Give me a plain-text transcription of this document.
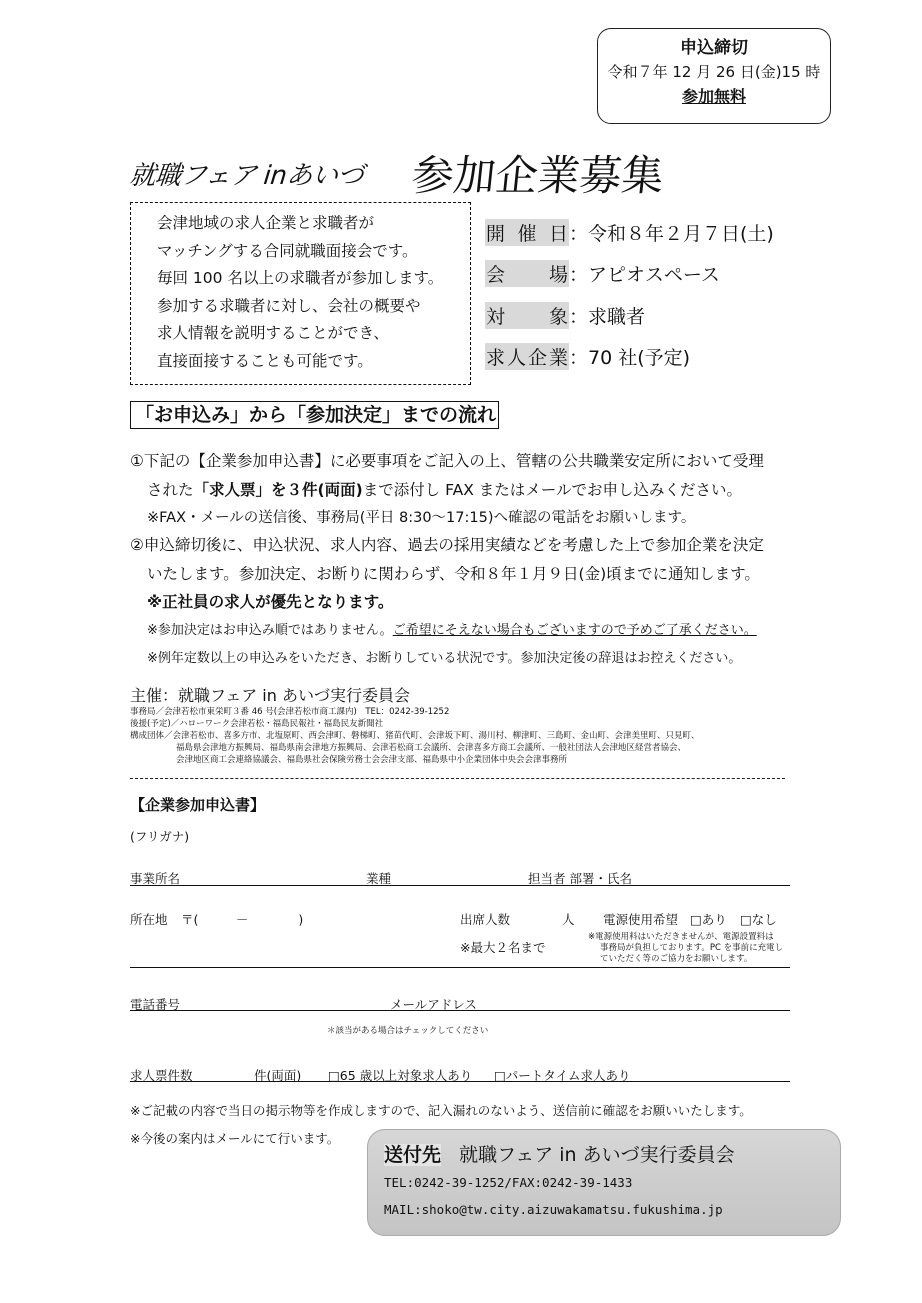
申込締切
令和７年 12 月 26 日(金)15 時
参加無料
就職フェア inあいづ 参加企業募集
会津地域の求人企業と求職者が
マッチングする合同就職面接会です。
毎回 100 名以上の求職者が参加します。
参加する求職者に対し、会社の概要や
求人情報を説明することができ、
直接面接することも可能です。
開催日：令和８年２月７日(土)
会場：アピオスペース
対象：求職者
求人企業：70 社(予定)
「お申込み」から「参加決定」までの流れ
①下記の【企業参加申込書】に必要事項をご記入の上、管轄の公共職業安定所において受理
された「求人票」を３件(両面)まで添付し FAX またはメールでお申し込みください。
※FAX・メールの送信後、事務局(平日 8:30～17:15)へ確認の電話をお願いします。
②申込締切後に、申込状況、求人内容、過去の採用実績などを考慮した上で参加企業を決定
いたします。参加決定、お断りに関わらず、令和８年１月９日(金)頃までに通知します。
※正社員の求人が優先となります。
※参加決定はお申込み順ではありません。ご希望にそえない場合もございますので予めご了承ください。
※例年定数以上の申込みをいただき、お断りしている状況です。参加決定後の辞退はお控えください。
主催：就職フェア in あいづ実行委員会
事務局／会津若松市東栄町３番 46 号(会津若松市商工課内)　TEL：0242-39-1252
後援(予定)／ハローワーク会津若松・福島民報社・福島民友新聞社
構成団体／会津若松市、喜多方市、北塩原町、西会津町、磐梯町、猪苗代町、会津坂下町、湯川村、柳津町、三島町、金山町、会津美里町、只見町、
福島県会津地方振興局、福島県南会津地方振興局、会津若松商工会議所、会津喜多方商工会議所、一般社団法人会津地区経営者協会、
会津地区商工会連絡協議会、福島県社会保険労務士会会津支部、福島県中小企業団体中央会会津事務所
【企業参加申込書】
(フリガナ)
事業所名	業種	担当者 部署・氏名
所在地 〒(　　　－　　　　)	出席人数	人 電源使用希望 □あり □なし
※最大２名まで
※電源使用料はいただきませんが、電源設置料は
事務局が負担しております。PC を事前に充電し
ていただく等のご協力をお願いします。
電話番号	メールアドレス
＊該当がある場合はチェックしてください
求人票件数	件(両面) □65 歳以上対象求人あり □パートタイム求人あり
※ご記載の内容で当日の掲示物等を作成しますので、記入漏れのないよう、送信前に確認をお願いいたします。
※今後の案内はメールにて行います。
送付先 就職フェア in あいづ実行委員会
TEL:0242-39-1252/FAX:0242-39-1433
MAIL:shoko@tw.city.aizuwakamatsu.fukushima.jp
